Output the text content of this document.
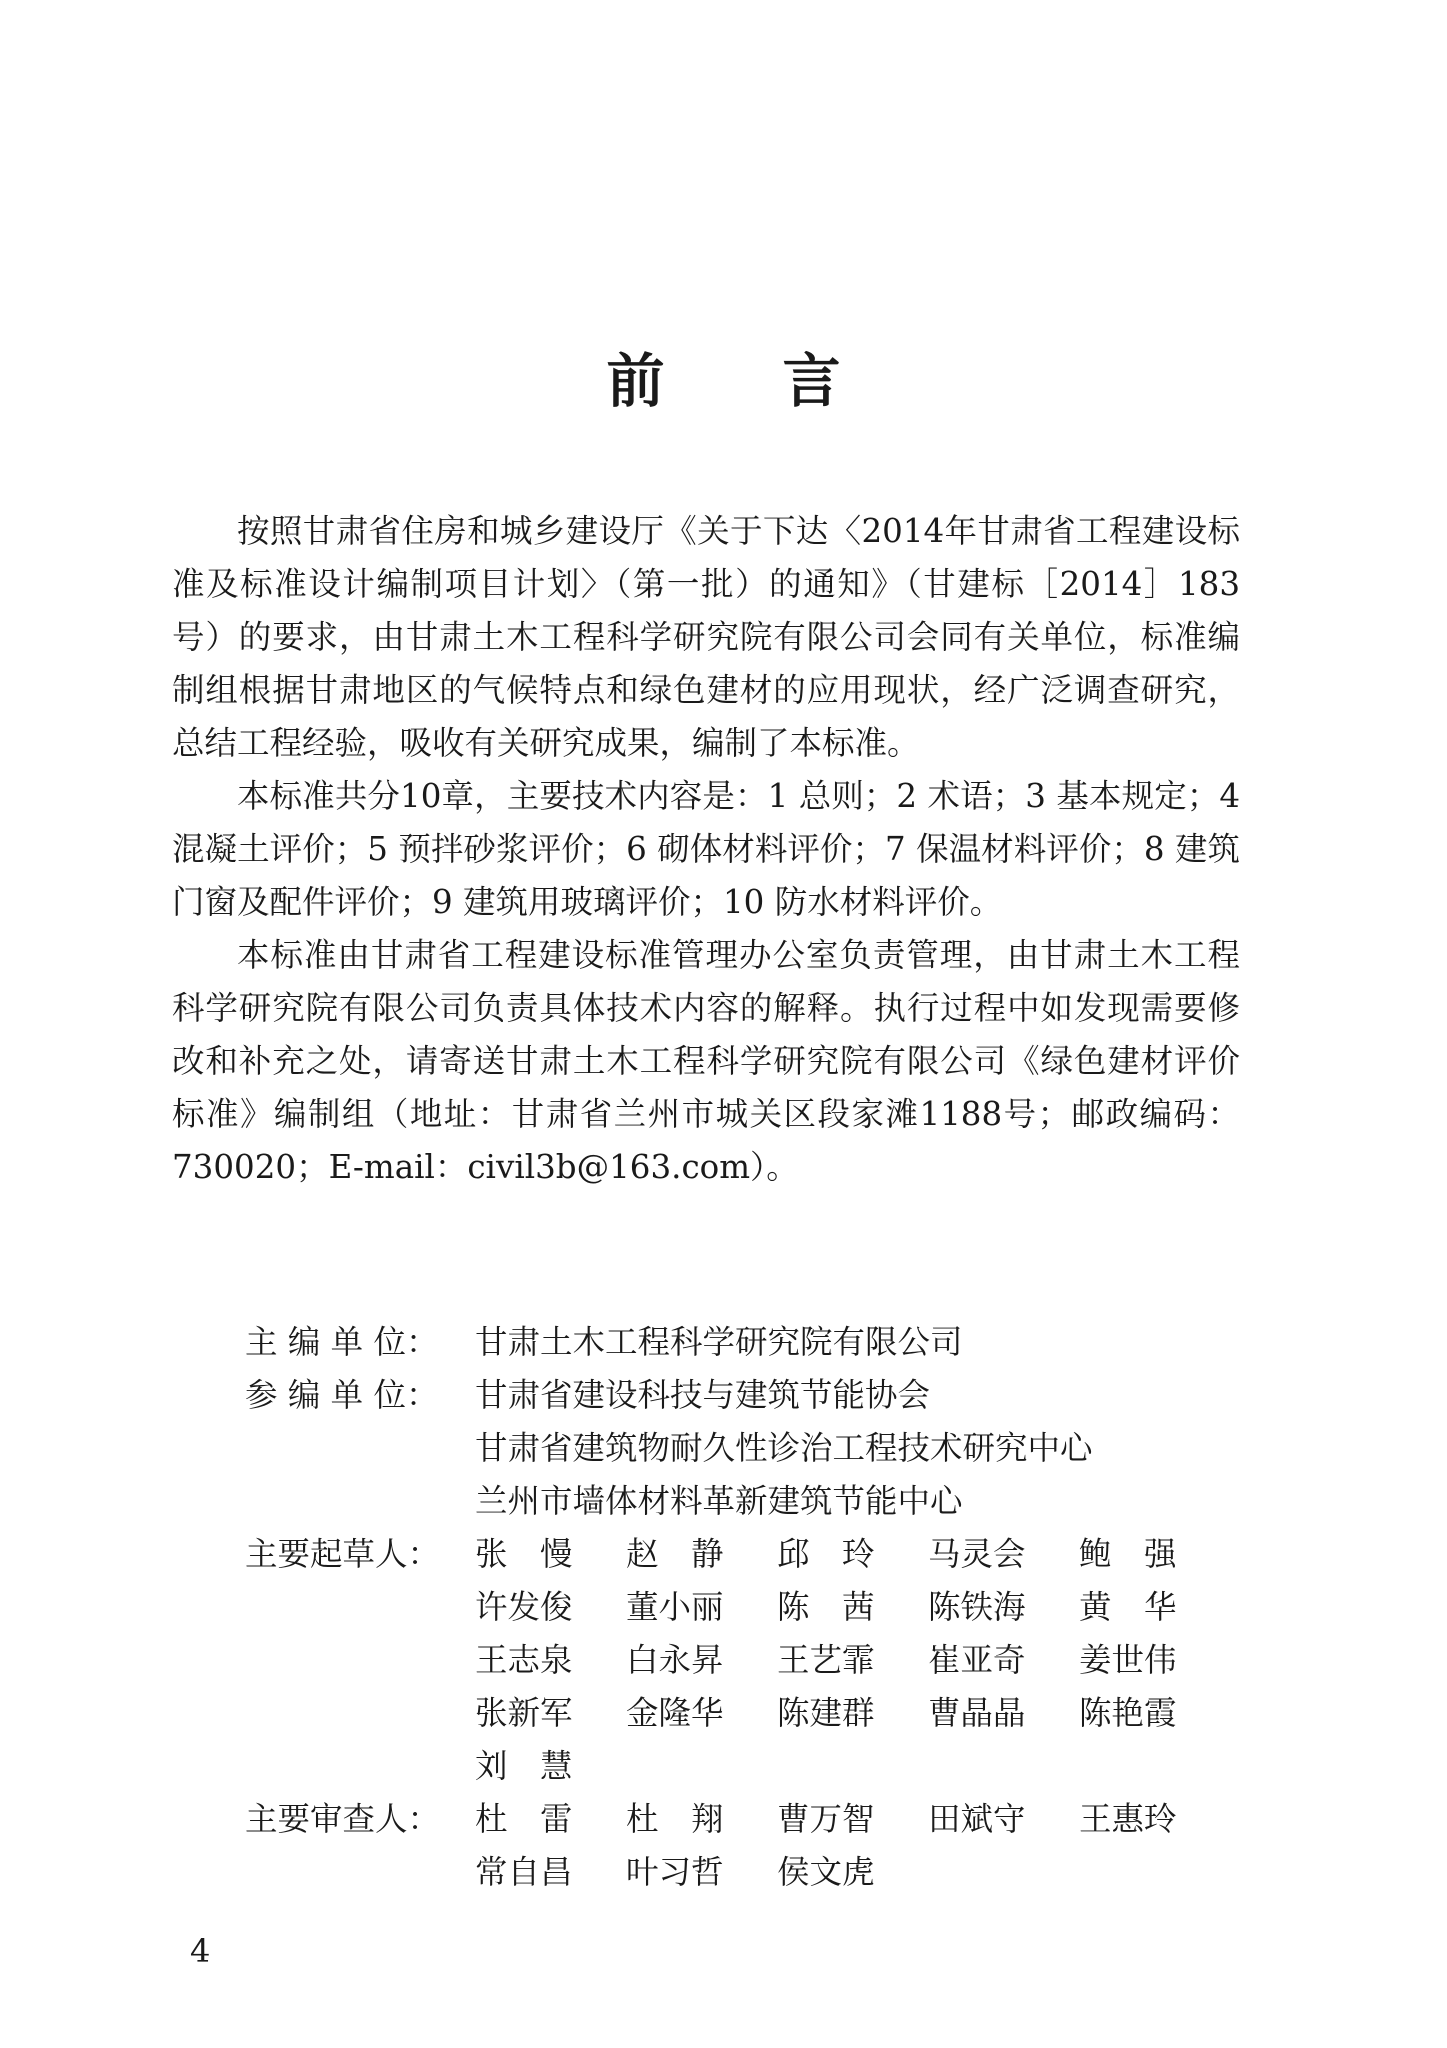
前 言

按照甘肃省住房和城乡建设厅《关于下达〈2014年甘肃省工程建设标准及标准设计编制项目计划〉（第一批）的通知》（甘建标［2014］183号）的要求，由甘肃土木工程科学研究院有限公司会同有关单位，标准编制组根据甘肃地区的气候特点和绿色建材的应用现状，经广泛调查研究，总结工程经验，吸收有关研究成果，编制了本标准。

本标准共分10章，主要技术内容是：1 总则；2 术语；3 基本规定；4 混凝土评价；5 预拌砂浆评价；6 砌体材料评价；7 保温材料评价；8 建筑门窗及配件评价；9 建筑用玻璃评价；10 防水材料评价。

本标准由甘肃省工程建设标准管理办公室负责管理，由甘肃土木工程科学研究院有限公司负责具体技术内容的解释。执行过程中如发现需要修改和补充之处，请寄送甘肃土木工程科学研究院有限公司《绿色建材评价标准》编制组（地址：甘肃省兰州市城关区段家滩1188号；邮政编码：730020；E-mail：civil3b@163.com）。

主 编 单 位：	甘肃土木工程科学研究院有限公司
参 编 单 位：	甘肃省建设科技与建筑节能协会
甘肃省建筑物耐久性诊治工程技术研究中心
兰州市墙体材料革新建筑节能中心
主要起草人：	张　慢	赵　静	邱　玲	马灵会	鲍　强
许发俊	董小丽	陈　茜	陈铁海	黄　华
王志泉	白永昇	王艺霏	崔亚奇	姜世伟
张新军	金隆华	陈建群	曹晶晶	陈艳霞
刘　慧
主要审查人：	杜　雷	杜　翔	曹万智	田斌守	王惠玲
常自昌	叶习哲	侯文虎
4
